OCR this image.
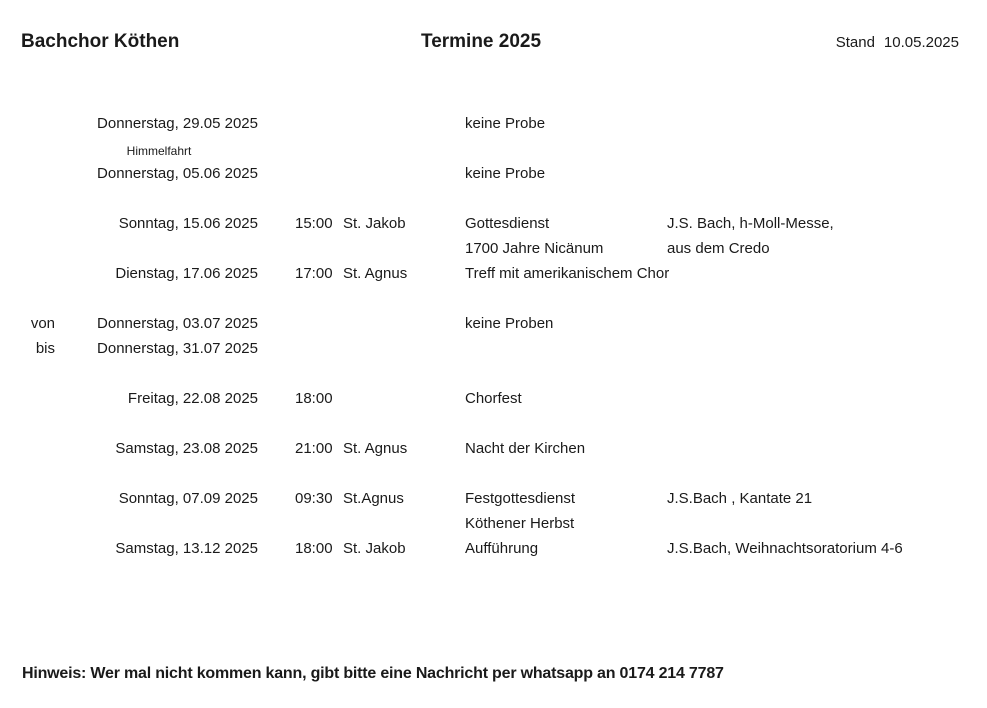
Bachchor Köthen	Termine 2025	Stand 10.05.2025
Donnerstag, 29.05 2025	keine Probe
Himmelfahrt
Donnerstag, 05.06 2025	keine Probe
Sonntag, 15.06 2025 15:00 St. Jakob	Gottesdienst	J.S. Bach, h-Moll-Messe,
1700 Jahre Nicänum	aus dem Credo
Dienstag, 17.06 2025 17:00 St. Agnus	Treff mit amerikanischem Chor
von	Donnerstag, 03.07 2025	keine Proben
bis	Donnerstag, 31.07 2025
Freitag, 22.08 2025 18:00	Chorfest
Samstag, 23.08 2025 21:00 St. Agnus	Nacht der Kirchen
Sonntag, 07.09 2025 09:30 St.Agnus	Festgottesdienst	J.S.Bach , Kantate 21
Köthener Herbst
Samstag, 13.12 2025 18:00 St. Jakob	Aufführung	J.S.Bach, Weihnachtsoratorium 4-6
Hinweis: Wer mal nicht kommen kann, gibt bitte eine Nachricht per whatsapp an 0174 214 7787
